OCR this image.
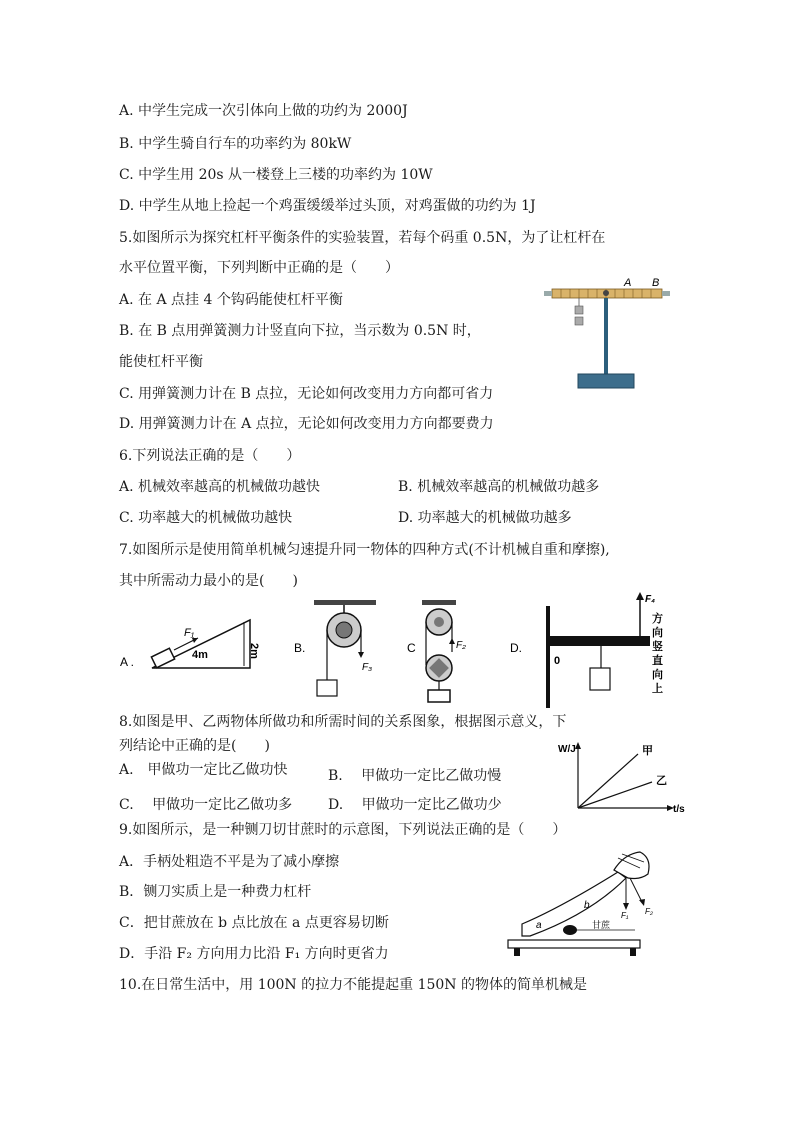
A. 中学生完成一次引体向上做的功约为 2000J
B. 中学生骑自行车的功率约为 80kW
C. 中学生用 20s 从一楼登上三楼的功率约为 10W
D. 中学生从地上捡起一个鸡蛋缓缓举过头顶，对鸡蛋做的功约为 1J
5.如图所示为探究杠杆平衡条件的实验装置，若每个码重 0.5N，为了让杠杆在
水平位置平衡，下列判断中正确的是（　　）
A. 在 A 点挂 4 个钩码能使杠杆平衡
B. 在 B 点用弹簧测力计竖直向下拉，当示数为 0.5N 时，
能使杠杆平衡
C. 用弹簧测力计在 B 点拉，无论如何改变用力方向都可省力
D. 用弹簧测力计在 A 点拉，无论如何改变用力方向都要费力
A B
6.下列说法正确的是（　　）
A. 机械效率越高的机械做功越快	B. 机械效率越高的机械做功越多
C. 功率越大的机械做功越快	D. 功率越大的机械做功越多
7.如图所示是使用简单机械匀速提升同一物体的四种方式(不计机械自重和摩擦),
其中所需动力最小的是(　　)
A .
F₁
4m	2m	B.
F₃
C	F₂	D.
0
F₄
方
向
竖
直
向
上
8.如图是甲、乙两物体所做功和所需时间的关系图象，根据图示意义，下
列结论中正确的是(　　)
A.　甲做功一定比乙做功快	B.　 甲做功一定比乙做功慢
C.　 甲做功一定比乙做功多	D.　 甲做功一定比乙做功少
W/J
t/s
甲
乙
9.如图所示，是一种铡刀切甘蔗时的示意图，下列说法正确的是（　　）
A．手柄处粗造不平是为了减小摩擦
B．铡刀实质上是一种费力杠杆
C．把甘蔗放在 b 点比放在 a 点更容易切断
D．手沿 F₂ 方向用力比沿 F₁ 方向时更省力
甘蔗
a
b
F₁ F₂
10.在日常生活中，用 100N 的拉力不能提起重 150N 的物体的简单机械是
